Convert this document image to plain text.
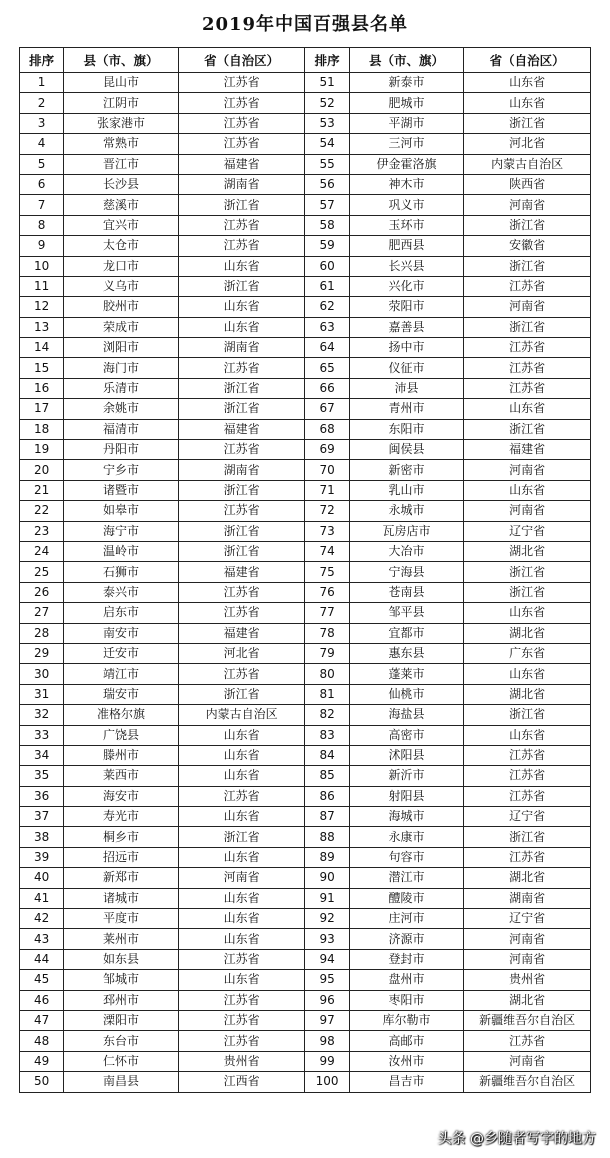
2019年中国百强县名单
排序	县（市、旗）	省（自治区）	排序	县（市、旗）	省（自治区）
1	昆山市	江苏省	51	新泰市	山东省
2	江阴市	江苏省	52	肥城市	山东省
3	张家港市	江苏省	53	平湖市	浙江省
4	常熟市	江苏省	54	三河市	河北省
5	晋江市	福建省	55	伊金霍洛旗	内蒙古自治区
6	长沙县	湖南省	56	神木市	陕西省
7	慈溪市	浙江省	57	巩义市	河南省
8	宜兴市	江苏省	58	玉环市	浙江省
9	太仓市	江苏省	59	肥西县	安徽省
10	龙口市	山东省	60	长兴县	浙江省
11	义乌市	浙江省	61	兴化市	江苏省
12	胶州市	山东省	62	荥阳市	河南省
13	荣成市	山东省	63	嘉善县	浙江省
14	浏阳市	湖南省	64	扬中市	江苏省
15	海门市	江苏省	65	仪征市	江苏省
16	乐清市	浙江省	66	沛县	江苏省
17	余姚市	浙江省	67	青州市	山东省
18	福清市	福建省	68	东阳市	浙江省
19	丹阳市	江苏省	69	闽侯县	福建省
20	宁乡市	湖南省	70	新密市	河南省
21	诸暨市	浙江省	71	乳山市	山东省
22	如皋市	江苏省	72	永城市	河南省
23	海宁市	浙江省	73	瓦房店市	辽宁省
24	温岭市	浙江省	74	大冶市	湖北省
25	石狮市	福建省	75	宁海县	浙江省
26	泰兴市	江苏省	76	苍南县	浙江省
27	启东市	江苏省	77	邹平县	山东省
28	南安市	福建省	78	宜都市	湖北省
29	迁安市	河北省	79	惠东县	广东省
30	靖江市	江苏省	80	蓬莱市	山东省
31	瑞安市	浙江省	81	仙桃市	湖北省
32	准格尔旗	内蒙古自治区	82	海盐县	浙江省
33	广饶县	山东省	83	高密市	山东省
34	滕州市	山东省	84	沭阳县	江苏省
35	莱西市	山东省	85	新沂市	江苏省
36	海安市	江苏省	86	射阳县	江苏省
37	寿光市	山东省	87	海城市	辽宁省
38	桐乡市	浙江省	88	永康市	浙江省
39	招远市	山东省	89	句容市	江苏省
40	新郑市	河南省	90	潜江市	湖北省
41	诸城市	山东省	91	醴陵市	湖南省
42	平度市	山东省	92	庄河市	辽宁省
43	莱州市	山东省	93	济源市	河南省
44	如东县	江苏省	94	登封市	河南省
45	邹城市	山东省	95	盘州市	贵州省
46	邳州市	江苏省	96	枣阳市	湖北省
47	溧阳市	江苏省	97	库尔勒市	新疆维吾尔自治区
48	东台市	江苏省	98	高邮市	江苏省
49	仁怀市	贵州省	99	汝州市	河南省
50	南昌县	江西省	100	昌吉市	新疆维吾尔自治区
头条 @乡随者写字的地方
